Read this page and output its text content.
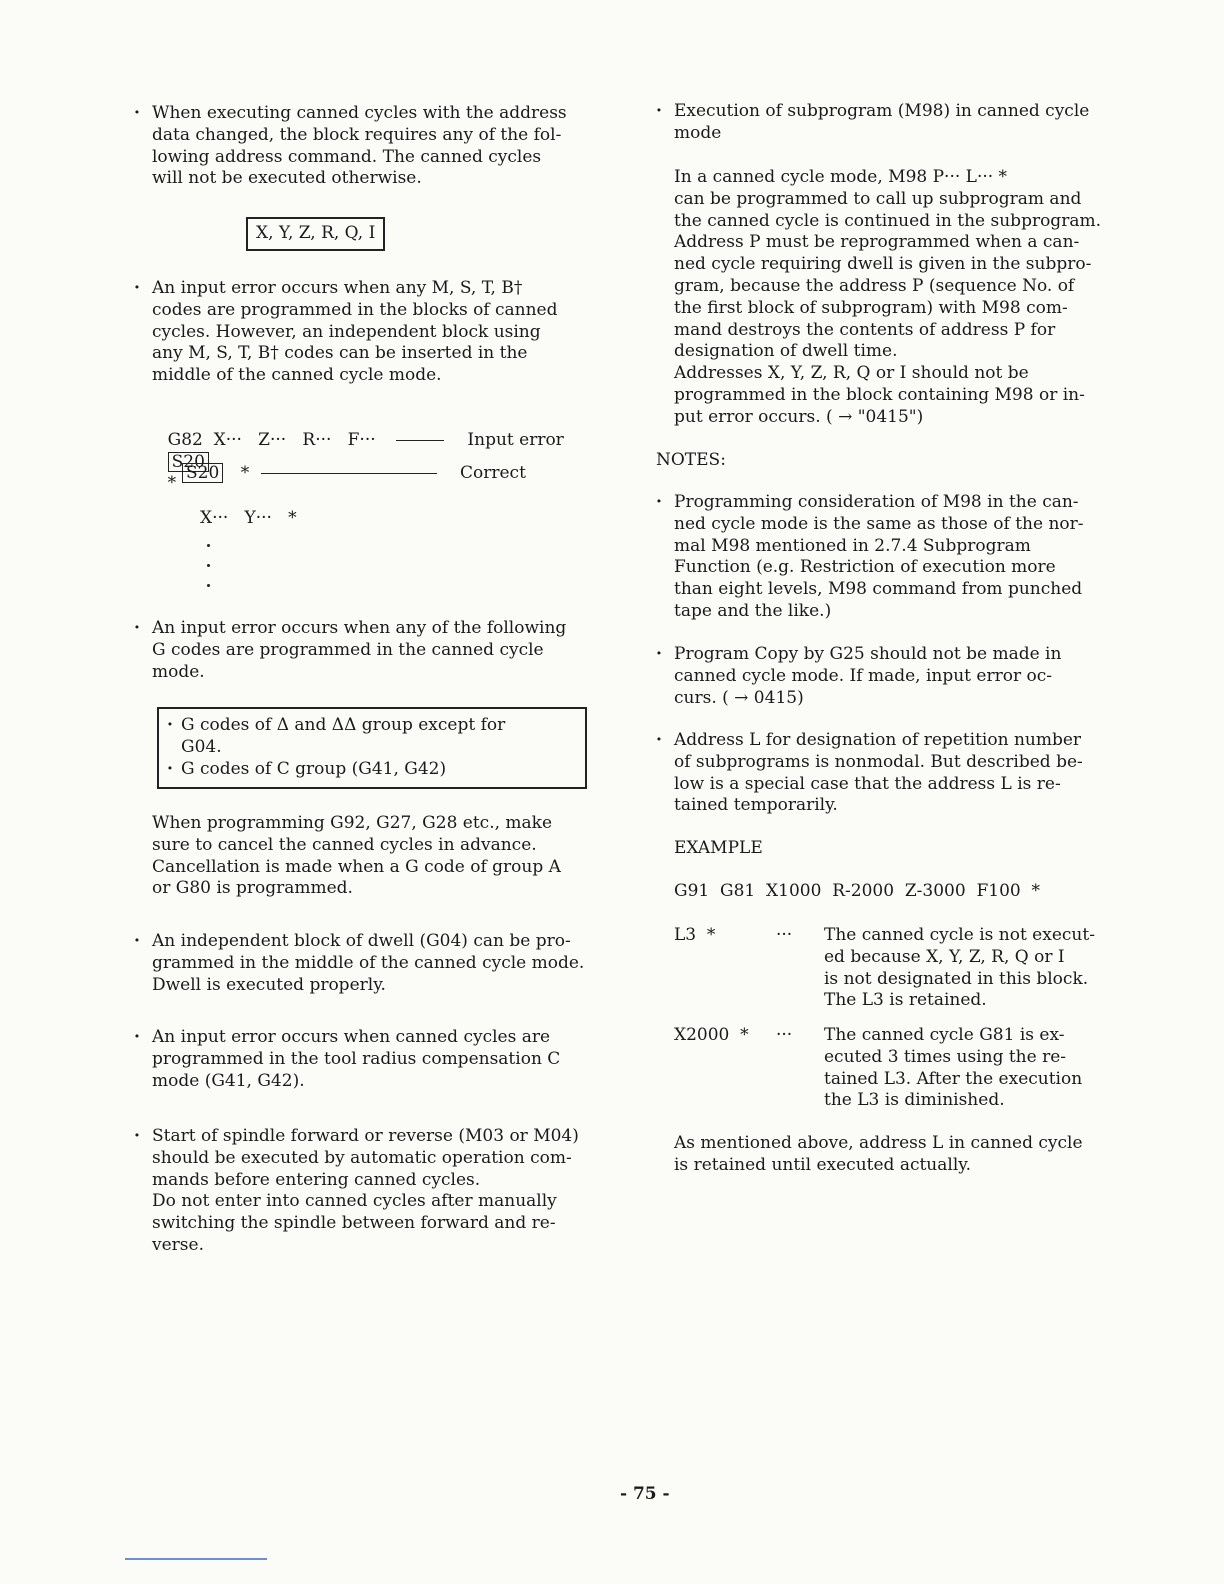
· When executing canned cycles with the address
data changed, the block requires any of the fol-
lowing address command. The canned cycles
will not be executed otherwise.
X, Y, Z, R, Q, I
· An input error occurs when any M, S, T, B†
codes are programmed in the blocks of canned
cycles. However, an independent block using
any M, S, T, B† codes can be inserted in the
middle of the canned cycle mode.

G82  X···   Z···   R···   F···
S20
*

Input error
S20 *	Correct
X···   Y···   *
· An input error occurs when any of the following
G codes are programmed in the canned cycle
mode.
· G codes of Δ and ΔΔ group except for
G04.
· G codes of C group (G41, G42)
When programming G92, G27, G28 etc., make
sure to cancel the canned cycles in advance.
Cancellation is made when a G code of group A
or G80 is programmed.
· An independent block of dwell (G04) can be pro-
grammed in the middle of the canned cycle mode.
Dwell is executed properly.
· An input error occurs when canned cycles are
programmed in the tool radius compensation C
mode (G41, G42).
· Start of spindle forward or reverse (M03 or M04)
should be executed by automatic operation com-
mands before entering canned cycles.
Do not enter into canned cycles after manually
switching the spindle between forward and re-
verse.
· Execution of subprogram (M98) in canned cycle
mode
In a canned cycle mode, M98 P··· L··· *
can be programmed to call up subprogram and
the canned cycle is continued in the subprogram.
Address P must be reprogrammed when a can-
ned cycle requiring dwell is given in the subpro-
gram, because the address P (sequence No. of
the first block of subprogram) with M98 com-
mand destroys the contents of address P for
designation of dwell time.
Addresses X, Y, Z, R, Q or I should not be
programmed in the block containing M98 or in-
put error occurs. ( → "0415")
NOTES:
· Programming consideration of M98 in the can-
ned cycle mode is the same as those of the nor-
mal M98 mentioned in 2.7.4 Subprogram
Function (e.g. Restriction of execution more
than eight levels, M98 command from punched
tape and the like.)
· Program Copy by G25 should not be made in
canned cycle mode. If made, input error oc-
curs. ( → 0415)
· Address L for designation of repetition number
of subprograms is nonmodal. But described be-
low is a special case that the address L is re-
tained temporarily.
EXAMPLE
G91  G81  X1000  R-2000  Z-3000  F100  *
L3  *	··· The canned cycle is not execut-
ed because X, Y, Z, R, Q or I
is not designated in this block.
The L3 is retained.
X2000  * ··· The canned cycle G81 is ex-
ecuted 3 times using the re-
tained L3. After the execution
the L3 is diminished.
As mentioned above, address L in canned cycle
is retained until executed actually.
- 75 -
